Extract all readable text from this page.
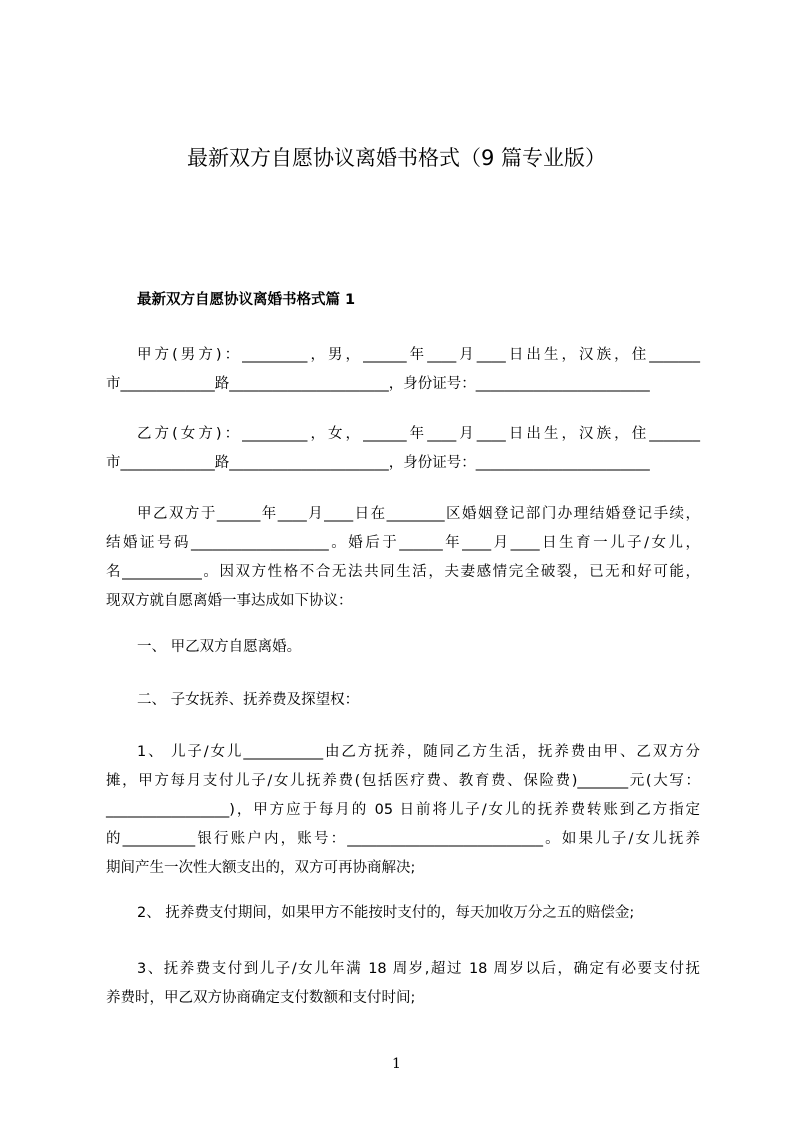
最新双方自愿协议离婚书格式（9 篇专业版）
最新双方自愿协议离婚书格式篇 1
甲方(男方)：_________，男，______年____月____日出生，汉族，住_______
市_____________路______________________，身份证号：________________________
乙方(女方)：_________，女，______年____月____日出生，汉族，住_______
市_____________路______________________，身份证号：________________________
甲乙双方于______年____月____日在________区婚姻登记部门办理结婚登记手续，
结婚证号码___________________。婚后于______年____月____日生育一儿子/女儿，
名___________。因双方性格不合无法共同生活，夫妻感情完全破裂，已无和好可能，
现双方就自愿离婚一事达成如下协议：
一、 甲乙双方自愿离婚。
二、 子女抚养、抚养费及探望权：
1、 儿子/女儿___________由乙方抚养，随同乙方生活，抚养费由甲、乙双方分
摊，甲方每月支付儿子/女儿抚养费(包括医疗费、教育费、保险费)_______元(大写：
_________________)，甲方应于每月的 05 日前将儿子/女儿的抚养费转账到乙方指定
的__________银行账户内，账号：___________________________。如果儿子/女儿抚养
期间产生一次性大额支出的，双方可再协商解决;
2、 抚养费支付期间，如果甲方不能按时支付的，每天加收万分之五的赔偿金;
3、抚养费支付到儿子/女儿年满 18 周岁,超过 18 周岁以后，确定有必要支付抚
养费时，甲乙双方协商确定支付数额和支付时间;
1
